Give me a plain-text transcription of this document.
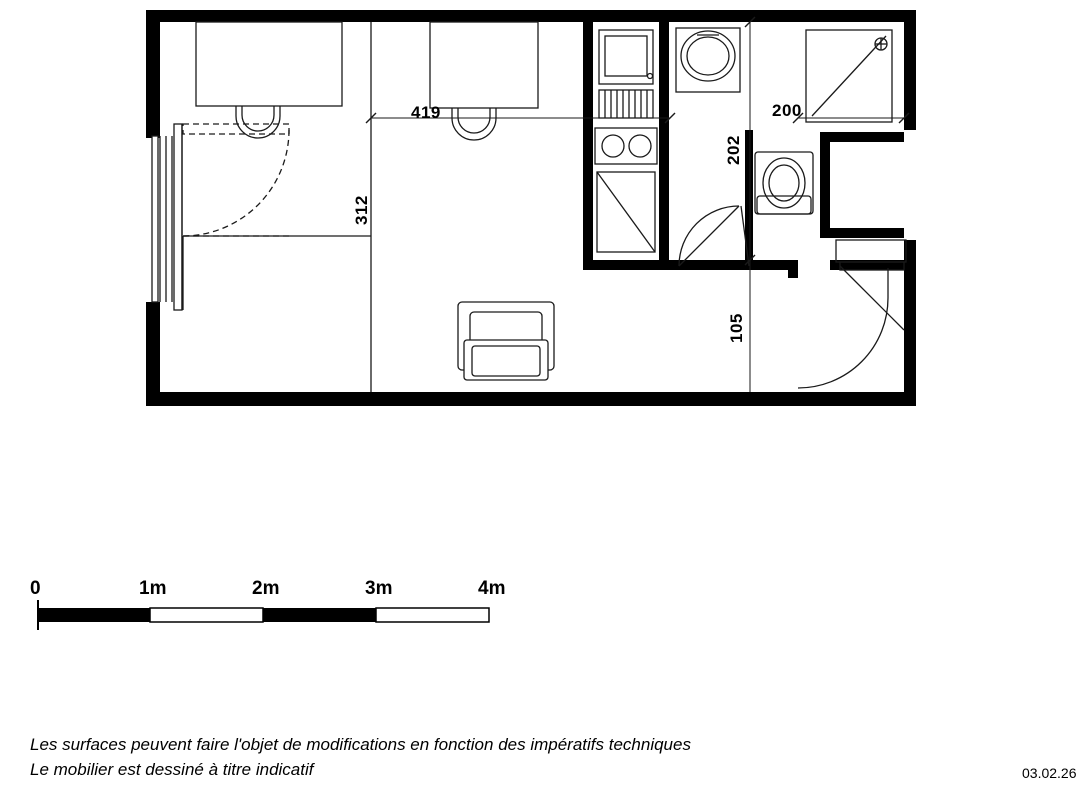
419
312
202
200
105
0	1m	2m	3m	4m
Les surfaces peuvent faire l'objet de modifications en fonction des impératifs techniques
Le mobilier est dessiné à titre indicatif	03.02.26
